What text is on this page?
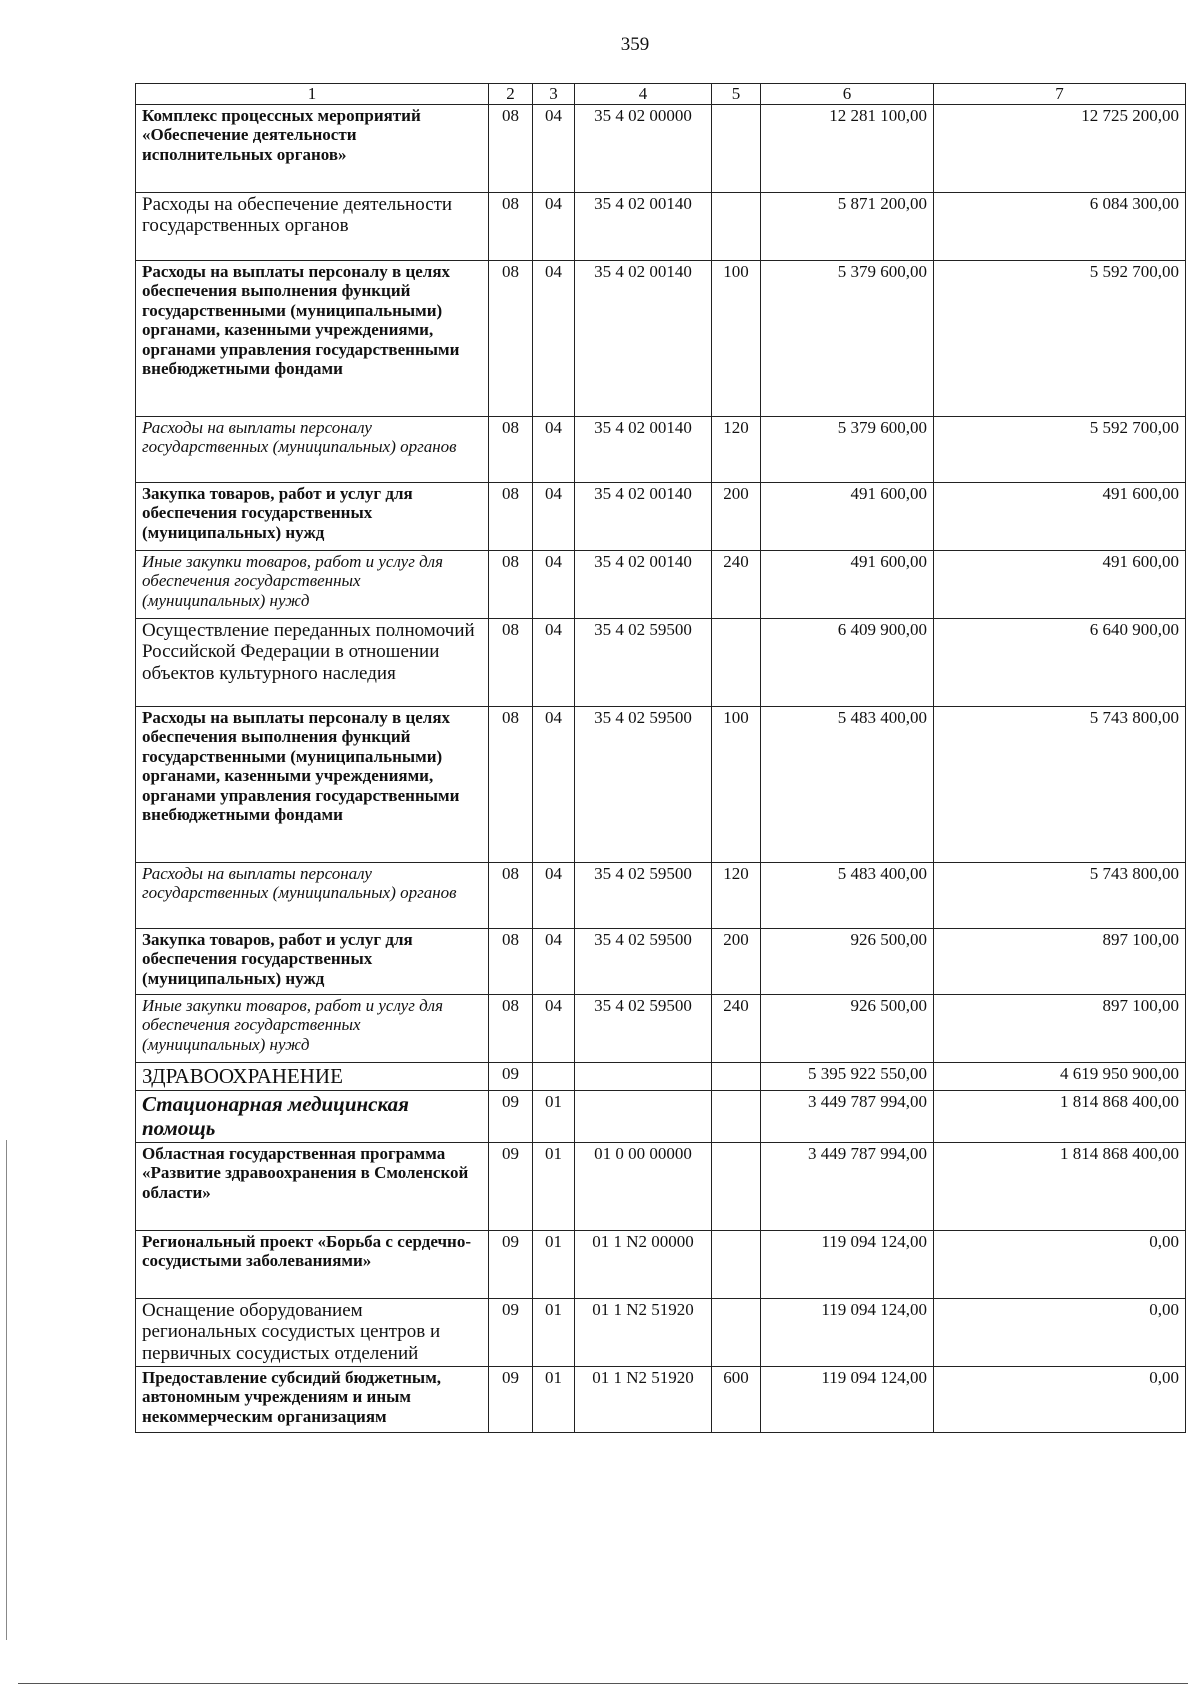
359
1	2	3	4	5	6	7
Комплекс процессных мероприятий «Обеспечение деятельности исполнительных органов»	08	04	35 4 02 00000		12 281 100,00	12 725 200,00
Расходы на обеспечение деятельности государственных органов	08	04	35 4 02 00140		5 871 200,00	6 084 300,00
Расходы на выплаты персоналу в целях обеспечения выполнения функций государственными (муниципальными) органами, казенными учреждениями, органами управления государственными внебюджетными фондами	08	04	35 4 02 00140	100	5 379 600,00	5 592 700,00
Расходы на выплаты персоналу государственных (муниципальных) органов	08	04	35 4 02 00140	120	5 379 600,00	5 592 700,00
Закупка товаров, работ и услуг для обеспечения государственных (муниципальных) нужд	08	04	35 4 02 00140	200	491 600,00	491 600,00
Иные закупки товаров, работ и услуг для обеспечения государственных (муниципальных) нужд	08	04	35 4 02 00140	240	491 600,00	491 600,00
Осуществление переданных полномочий Российской Федерации в отношении объектов культурного наследия	08	04	35 4 02 59500		6 409 900,00	6 640 900,00
Расходы на выплаты персоналу в целях обеспечения выполнения функций государственными (муниципальными) органами, казенными учреждениями, органами управления государственными внебюджетными фондами	08	04	35 4 02 59500	100	5 483 400,00	5 743 800,00
Расходы на выплаты персоналу государственных (муниципальных) органов	08	04	35 4 02 59500	120	5 483 400,00	5 743 800,00
Закупка товаров, работ и услуг для обеспечения государственных (муниципальных) нужд	08	04	35 4 02 59500	200	926 500,00	897 100,00
Иные закупки товаров, работ и услуг для обеспечения государственных (муниципальных) нужд	08	04	35 4 02 59500	240	926 500,00	897 100,00
ЗДРАВООХРАНЕНИЕ	09				5 395 922 550,00	4 619 950 900,00
Стационарная медицинская помощь	09	01			3 449 787 994,00	1 814 868 400,00
Областная государственная программа «Развитие здравоохранения в Смоленской области»	09	01	01 0 00 00000		3 449 787 994,00	1 814 868 400,00
Региональный проект «Борьба с сердечно-сосудистыми заболеваниями»	09	01	01 1 N2 00000		119 094 124,00	0,00
Оснащение оборудованием региональных сосудистых центров и первичных сосудистых отделений	09	01	01 1 N2 51920		119 094 124,00	0,00
Предоставление субсидий бюджетным, автономным учреждениям и иным некоммерческим организациям	09	01	01 1 N2 51920	600	119 094 124,00	0,00
